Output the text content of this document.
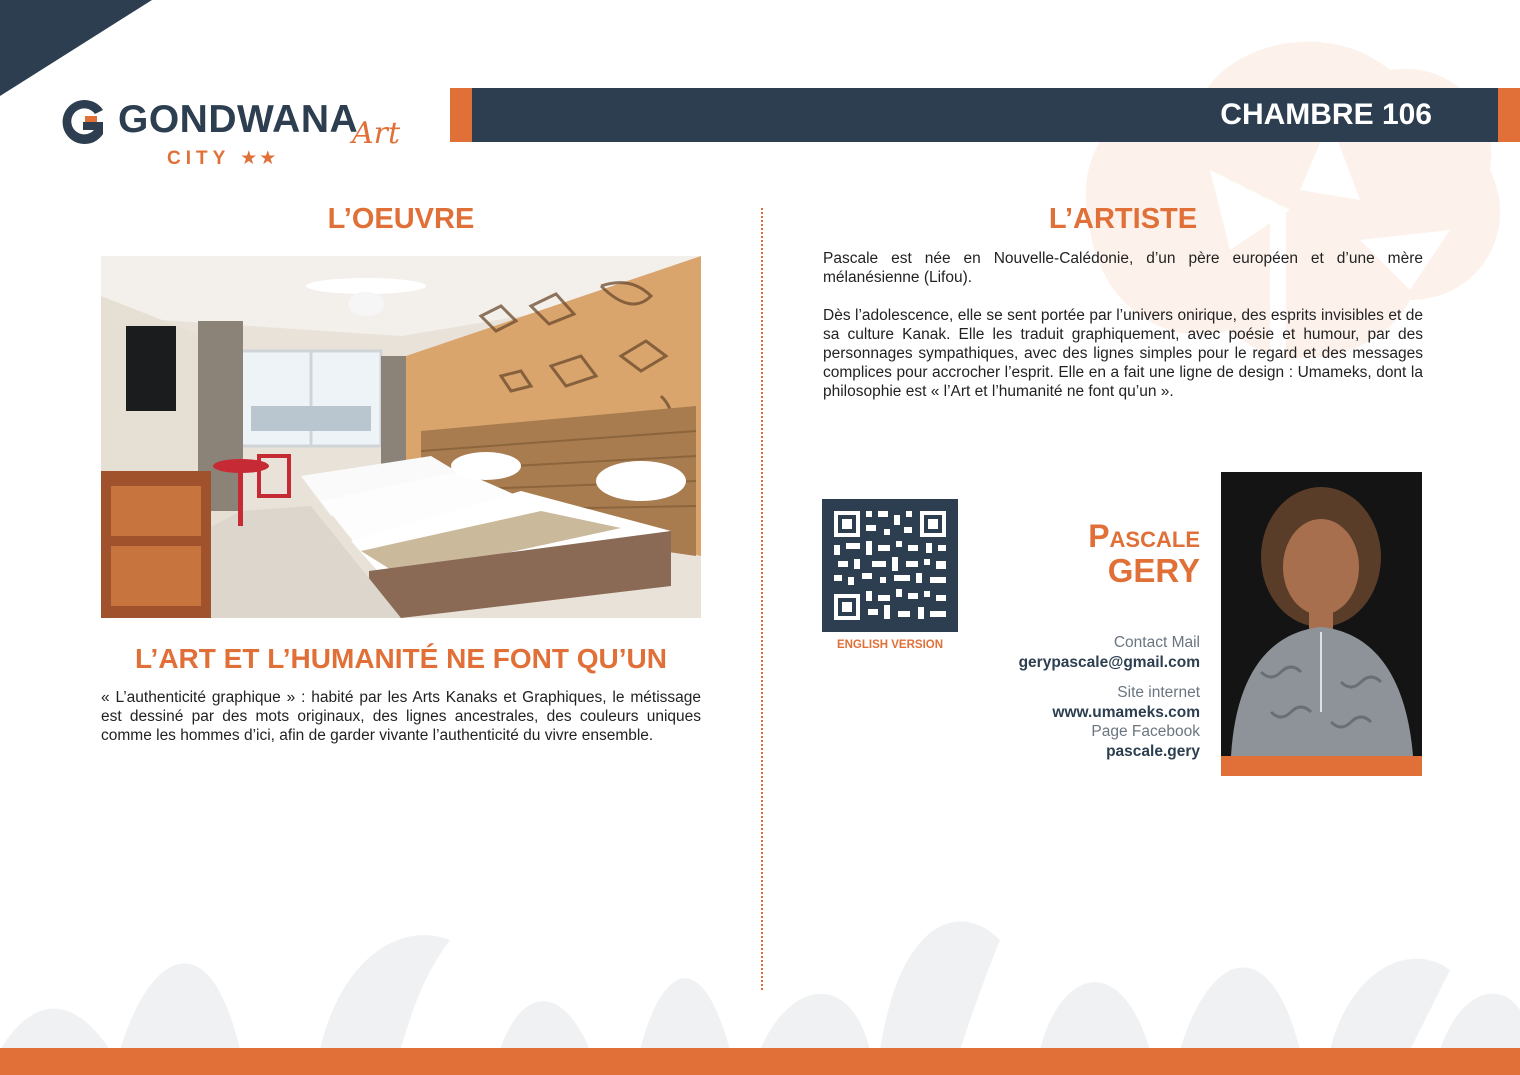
GONDWANA
Art
CITY ★★
CHAMBRE 106
L’OEUVRE
L’ART ET L’HUMANITÉ NE FONT QU’UN
« L’authenticité graphique » : habité par les Arts Kanaks et Graphiques, le métissage est dessiné par des mots originaux, des lignes ancestrales, des couleurs uniques comme les hommes d’ici, afin de garder vivante l’authenticité du vivre ensemble.
L’ARTISTE

Pascale est née en Nouvelle-Calédonie, d’un père européen et d’une mère mélanésienne (Lifou).

Dès l’adolescence, elle se sent portée par l’univers onirique, des esprits invisibles et de sa culture Kanak. Elle les traduit graphiquement, avec poésie et humour, par des personnages sympathiques, avec des lignes simples pour le regard et des messages complices pour accrocher l’esprit. Elle en a fait une ligne de design : Umameks, dont la philosophie est « l’Art et l’humanité ne font qu’un ».

ENGLISH VERSION
Pascale
GERY
Contact Mail
gerypascale@gmail.com
Site internet
www.umameks.com
Page Facebook
pascale.gery
